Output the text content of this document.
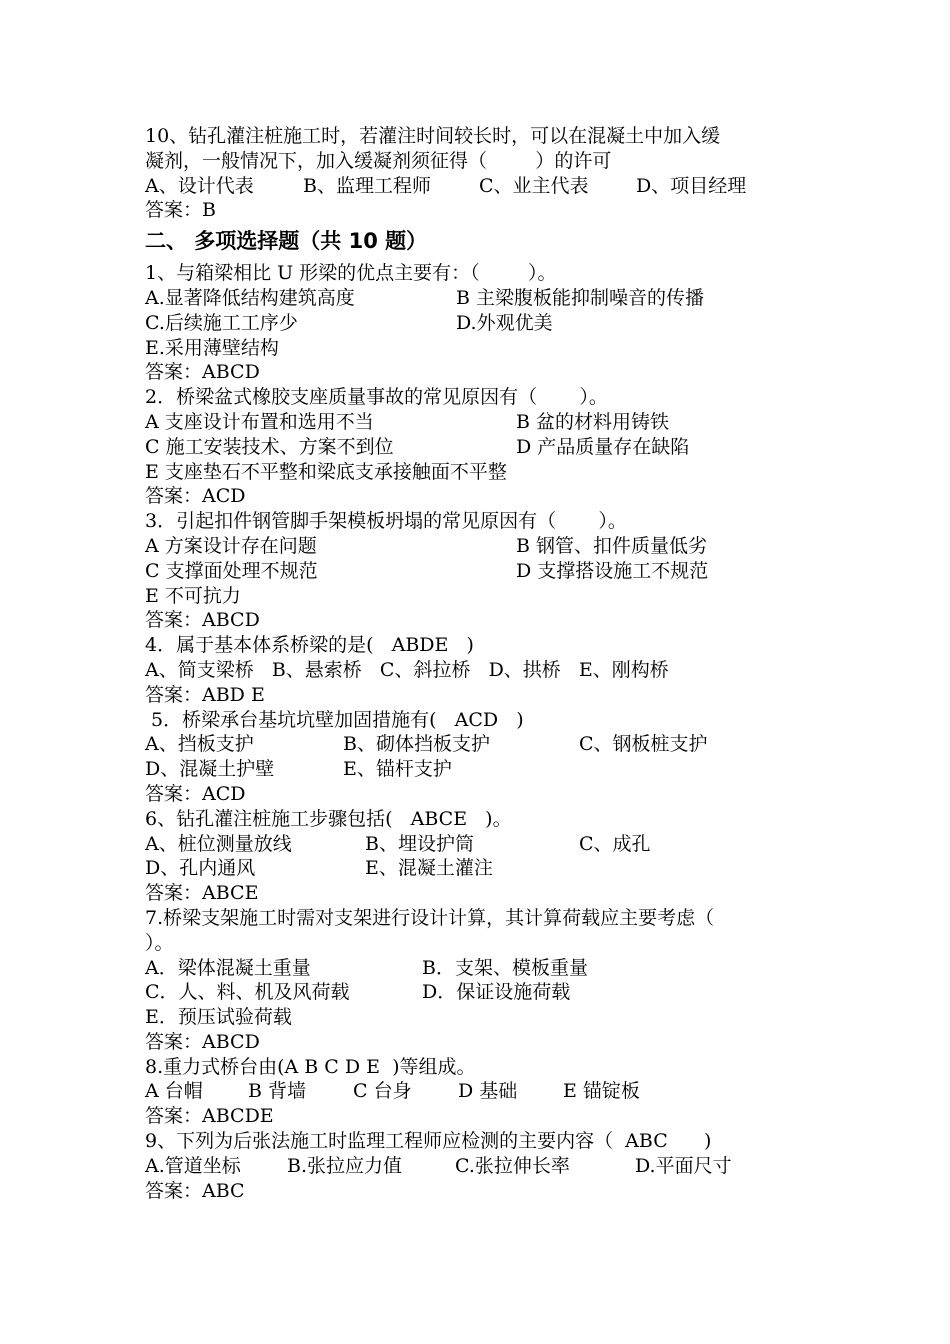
10、钻孔灌注桩施工时，若灌注时间较长时，可以在混凝土中加入缓
凝剂，一般情况下，加入缓凝剂须征得（        ）的许可
A、设计代表	B、监理工程师	C、业主代表 D、项目经理
答案：B
二、 多项选择题（共 10 题）
1、与箱梁相比 U 形梁的优点主要有：（        ）。
A.显著降低结构建筑高度	B 主梁腹板能抑制噪音的传播
C.后续施工工序少	D.外观优美
E.采用薄壁结构
答案：ABCD
2．桥梁盆式橡胶支座质量事故的常见原因有（       ）。
A 支座设计布置和选用不当	B 盆的材料用铸铁
C 施工安装技术、方案不到位	D 产品质量存在缺陷
E 支座垫石不平整和梁底支承接触面不平整
答案：ACD
3．引起扣件钢管脚手架模板坍塌的常见原因有（       ）。
A 方案设计存在问题	B 钢管、扣件质量低劣
C 支撑面处理不规范	D 支撑搭设施工不规范
E 不可抗力
答案：ABCD
4．属于基本体系桥梁的是(   ABDE   )
A、简支梁桥   B、悬索桥   C、斜拉桥   D、拱桥   E、刚构桥
答案：ABD E
5．桥梁承台基坑坑壁加固措施有(   ACD   )
A、挡板支护	B、砌体挡板支护	C、钢板桩支护
D、混凝土护壁	E、锚杆支护
答案：ACD
6、钻孔灌注桩施工步骤包括(   ABCE   )。
A、桩位测量放线	B、埋设护筒	C、成孔
D、孔内通风	E、混凝土灌注
答案：ABCE
7.桥梁支架施工时需对支架进行设计计算，其计算荷载应主要考虑（
）。
A．梁体混凝土重量	B．支架、模板重量
C．人、料、机及风荷载	D．保证设施荷载
E．预压试验荷载
答案：ABCD
8.重力式桥台由(A B C D E  )等组成。
A 台帽 B 背墙 C 台身 D 基础 E 锚锭板
答案：ABCDE
9、下列为后张法施工时监理工程师应检测的主要内容（  ABC      )
A.管道坐标 B.张拉应力值	C.张拉伸长率	D.平面尺寸
答案：ABC
